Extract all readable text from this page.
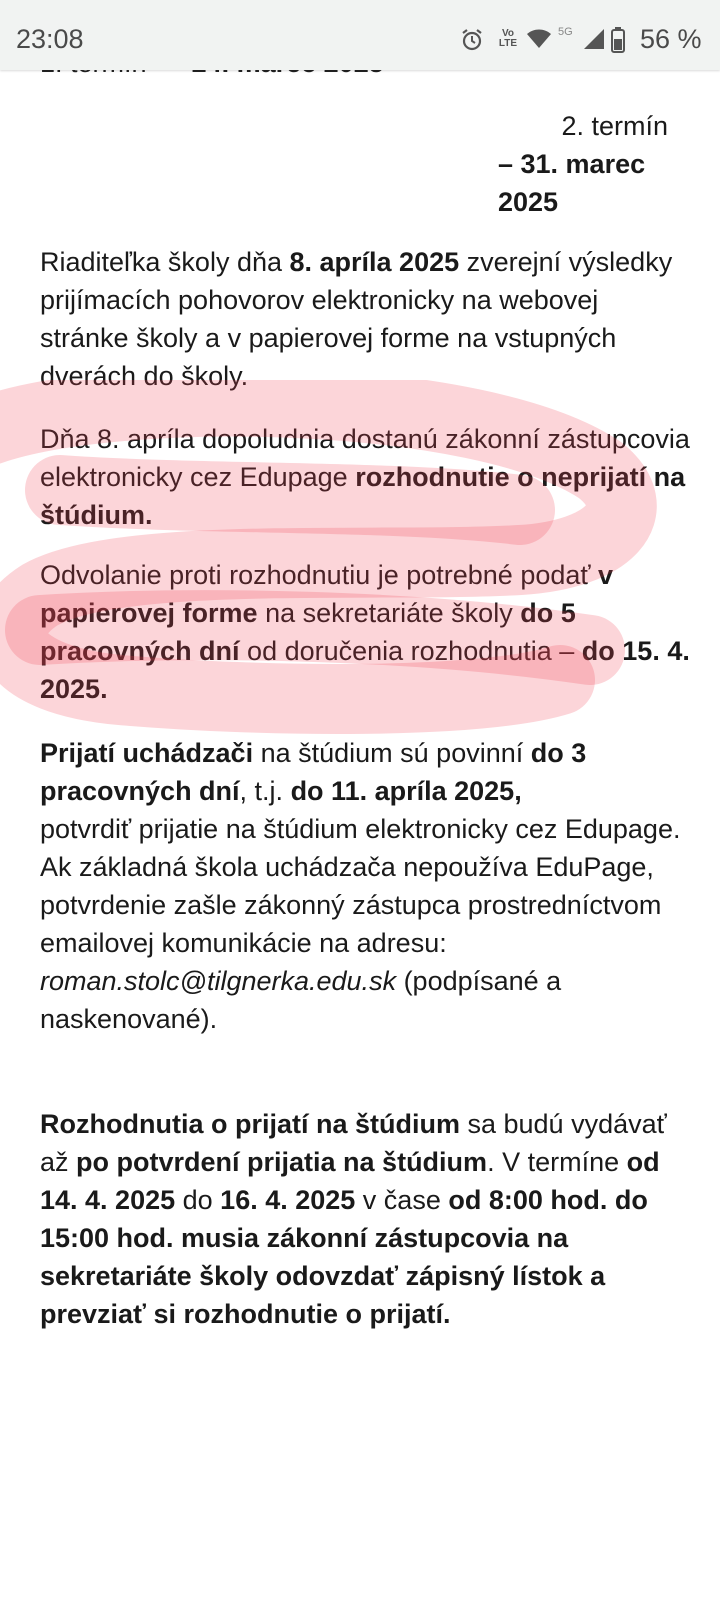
2. termín
– 31. marec
2025

Riaditeľka školy dňa 8. apríla 2025 zverejní výsledky prijímacích pohovorov elektronicky na webovej stránke školy a v papierovej forme na vstupných dverách do školy.

Dňa 8. apríla dopoludnia dostanú zákonní zástupcovia elektronicky cez Edupage rozhodnutie o neprijatí na štúdium.

Odvolanie proti rozhodnutiu je potrebné podať v papierovej forme na sekretariáte školy do 5 pracovných dní od doručenia rozhodnutia – do 15. 4. 2025.

Prijatí uchádzači na štúdium sú povinní do 3 pracovných dní, t.j. do 11. apríla 2025,
potvrdiť prijatie na štúdium elektronicky cez Edupage. Ak základná škola uchádzača nepoužíva EduPage, potvrdenie zašle zákonný zástupca prostredníctvom emailovej komunikácie na adresu: roman.stolc@tilgnerka.edu.sk (podpísané a naskenované).

Rozhodnutia o prijatí na štúdium sa budú vydávať až po potvrdení prijatia na štúdium. V termíne od 14. 4. 2025 do 16. 4. 2025 v čase od 8:00 hod. do 15:00 hod. musia zákonní zástupcovia na sekretariáte školy odovzdať zápisný lístok a prevziať si rozhodnutie o prijatí.

23:08	Vo
LTE
5G 56 %
